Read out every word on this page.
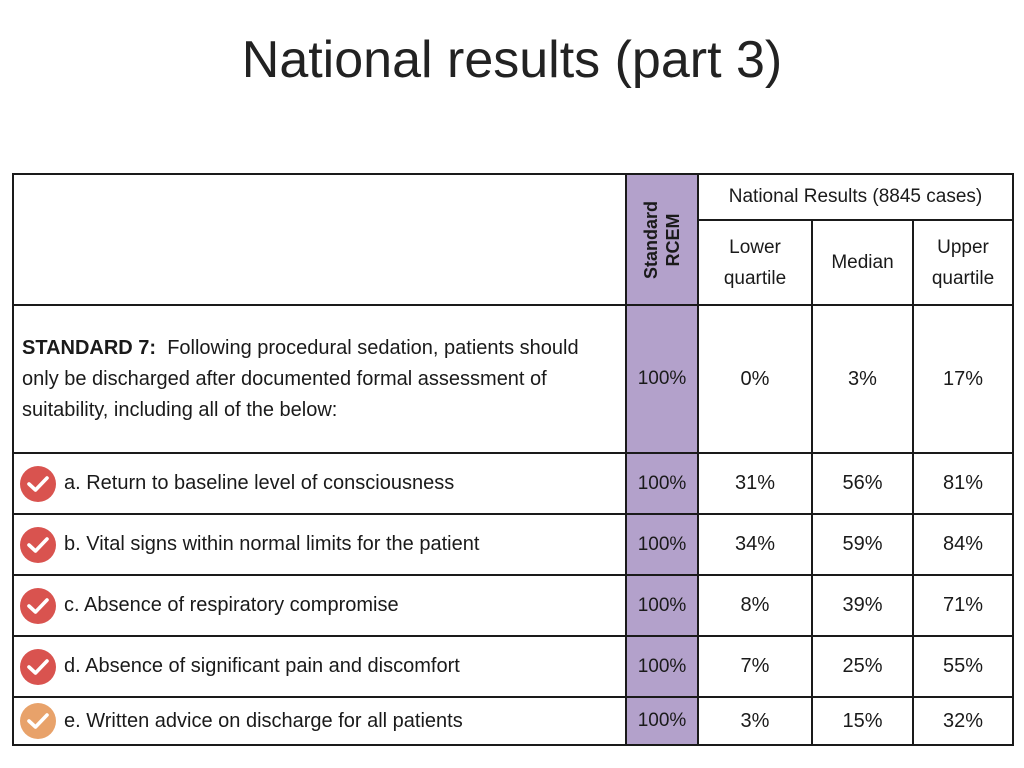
National results (part 3)

	Standard RCEM	National Results (8845 cases)		
		Lower quartile	Median	Upper quartile
STANDARD 7: Following procedural sedation, patients should only be discharged after documented formal assessment of suitability, including all of the below:	100%	0%	3%	17%

a. Return to baseline level of consciousness	100%	31%	56%	81%

b. Vital signs within normal limits for the patient	100%	34%	59%	84%

c. Absence of respiratory compromise	100%	8%	39%	71%

d. Absence of significant pain and discomfort	100%	7%	25%	55%

e. Written advice on discharge for all patients	100%	3%	15%	32%
